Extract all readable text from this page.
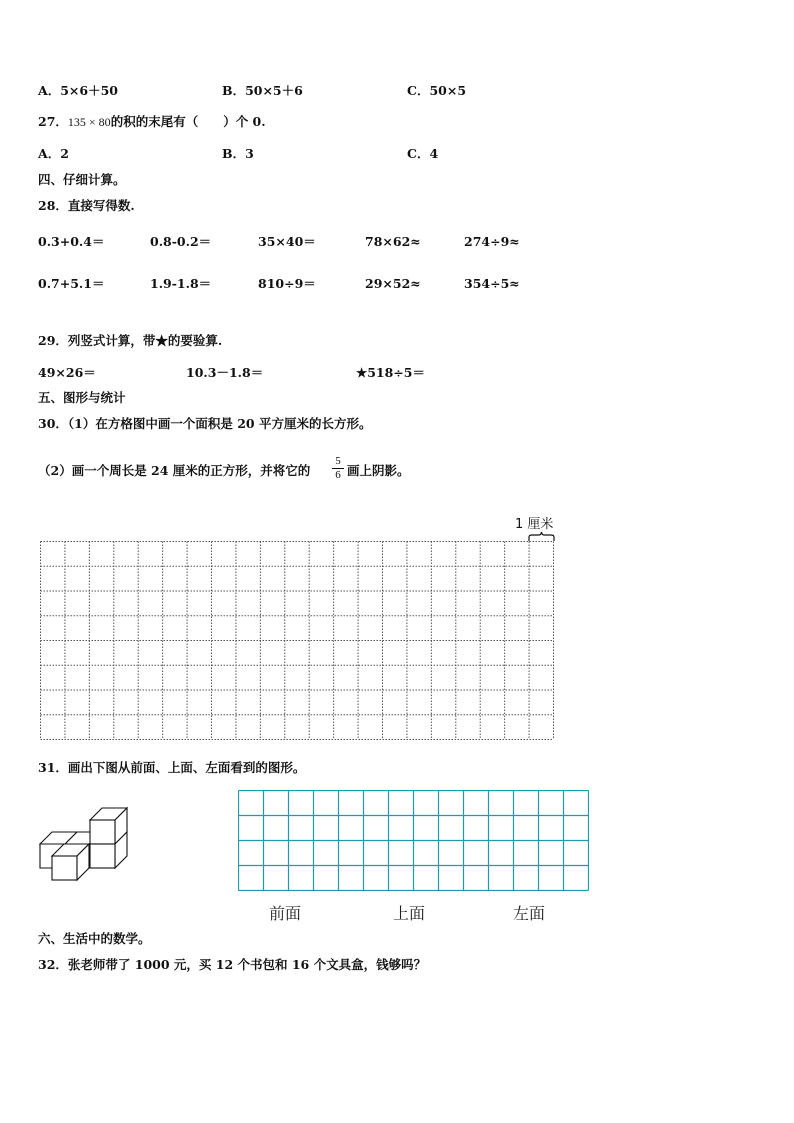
A．5×6＋50	B．50×5＋6	C．50×5
27．135 × 80的积的末尾有（　　）个 0.
A．2	B．3	C．4
四、仔细计算。
28．直接写得数.
0.3+0.4＝	0.8-0.2＝	35×40＝	78×62≈	274÷9≈
0.7+5.1＝	1.9-1.8＝	810÷9＝	29×52≈	354÷5≈
29．列竖式计算，带★的要验算.
49×26＝	10.3－1.8＝	★518÷5＝
五、图形与统计
30．（1）在方格图中画一个面积是 20 平方厘米的长方形。
（2）画一个周长是 24 厘米的正方形，并将它的
5
6 画上阴影。
1 厘米
31．画出下图从前面、上面、左面看到的图形。
前面	上面	左面
六、生活中的数学。
32．张老师带了 1000 元，买 12 个书包和 16 个文具盒，钱够吗？
